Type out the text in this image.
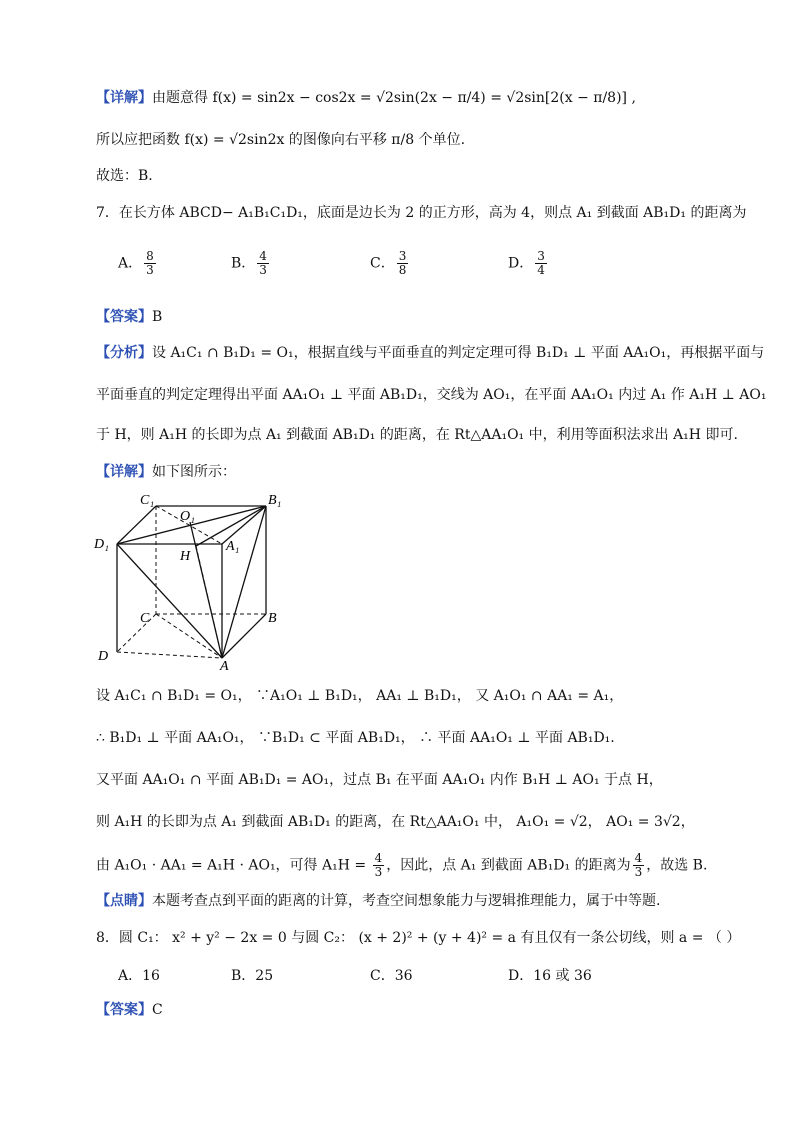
【详解】由题意得 f(x) = sin2x − cos2x = √2sin(2x − π/4) = √2sin[2(x − π/8)] ,
所以应把函数 f(x) = √2sin2x 的图像向右平移 π/8 个单位.
故选：B.
7．在长方体 ABCD− A₁B₁C₁D₁，底面是边长为 2 的正方形，高为 4，则点 A₁ 到截面 AB₁D₁ 的距离为
A． $\frac{8}{3}$	B． $\frac{4}{3}$	C． $\frac{3}{8}$	D． $\frac{3}{4}$
【答案】B
【分析】设 A₁C₁ ∩ B₁D₁ = O₁，根据直线与平面垂直的判定定理可得 B₁D₁ ⊥ 平面 AA₁O₁，再根据平面与
平面垂直的判定定理得出平面 AA₁O₁ ⊥ 平面 AB₁D₁，交线为 AO₁，在平面 AA₁O₁ 内过 A₁ 作 A₁H ⊥ AO₁
于 H，则 A₁H 的长即为点 A₁ 到截面 AB₁D₁ 的距离，在 Rt△AA₁O₁ 中，利用等面积法求出 A₁H 即可.
【详解】如下图所示：
C₁	B₁
O₁
D₁
H
A₁
C	B
D
A
设 A₁C₁ ∩ B₁D₁ = O₁， ∵A₁O₁ ⊥ B₁D₁， AA₁ ⊥ B₁D₁， 又 A₁O₁ ∩ AA₁ = A₁，
∴ B₁D₁ ⊥ 平面 AA₁O₁， ∵B₁D₁ ⊂ 平面 AB₁D₁， ∴ 平面 AA₁O₁ ⊥ 平面 AB₁D₁.
又平面 AA₁O₁ ∩ 平面 AB₁D₁ = AO₁，过点 B₁ 在平面 AA₁O₁ 内作 B₁H ⊥ AO₁ 于点 H，
则 A₁H 的长即为点 A₁ 到截面 AB₁D₁ 的距离，在 Rt△AA₁O₁ 中， A₁O₁ = √2， AO₁ = 3√2，
由 A₁O₁ · AA₁ = A₁H · AO₁，可得 $A_1H = \frac{4}{3}$ ，因此，点 A₁ 到截面 AB₁D₁ 的距离为 $\frac{4}{3}$ ，故选 B.
【点睛】本题考查点到平面的距离的计算，考查空间想象能力与逻辑推理能力，属于中等题.
8．圆 C₁： x² + y² − 2x = 0 与圆 C₂： (x + 2)² + (y + 4)² = a 有且仅有一条公切线，则 a = （ ）
A．16	B．25	C．36	D．16 或 36
【答案】C
